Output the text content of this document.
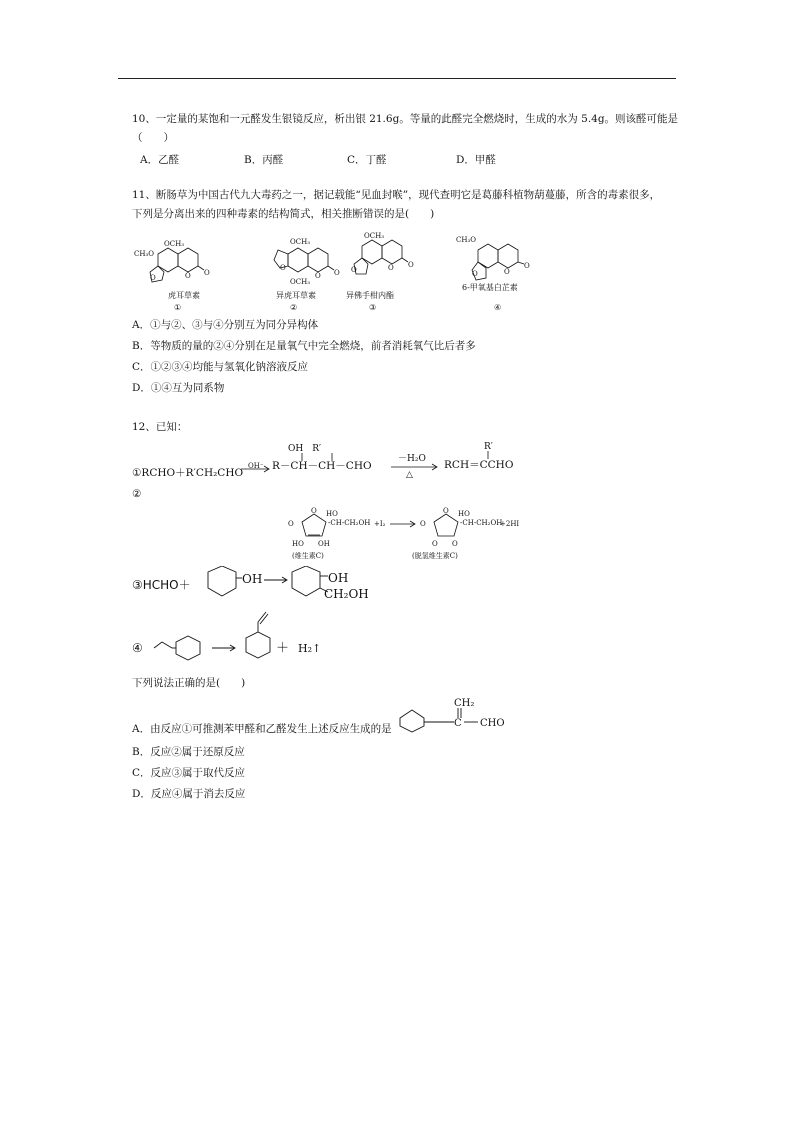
10、一定量的某饱和一元醛发生银镜反应，析出银 21.6g。等量的此醛完全燃烧时，生成的水为 5.4g。则该醛可能是
（　　）
A．乙醛	B．丙醛	C．丁醛	D．甲醛
11、断肠草为中国古代九大毒药之一，据记载能“见血封喉”，现代查明它是葛藤科植物葫蔓藤，所含的毒素很多，
下列是分离出来的四种毒素的结构简式，相关推断错误的是(　　)
OCH₃
CH₃O
O	O O
虎耳草素
①
OCH₃
OCH₃
O
O O
异虎耳草素
②
OCH₃
O	O O
异佛手柑内酯
③
CH₃O
O	O
O
6-甲氧基白芷素
④
A．①与②、③与④分别互为同分异构体
B．等物质的量的②④分别在足量氧气中完全燃烧，前者消耗氧气比后者多
C．①②③④均能与氢氧化钠溶液反应
D．①④互为同系物
12、已知：
①RCHO＋R′CH₂CHO
OH⁻
OH　R′
R－CH－CH－CHO
－H₂O
△
R′
RCH＝CCHO
②
O
O HO
-CH-CH₂OH
HO OH
(维生素C)
+I₂	O
O HO
-CH-CH₂OH
O O
+2HI
(脱氢维生素C)
③HCHO＋	OH	OH
CH₂OH
④	＋ H₂↑
下列说法正确的是(　　)
A．由反应①可推测苯甲醛和乙醛发生上述反应生成的是
CH₂
C CHO
B．反应②属于还原反应
C．反应③属于取代反应
D．反应④属于消去反应
